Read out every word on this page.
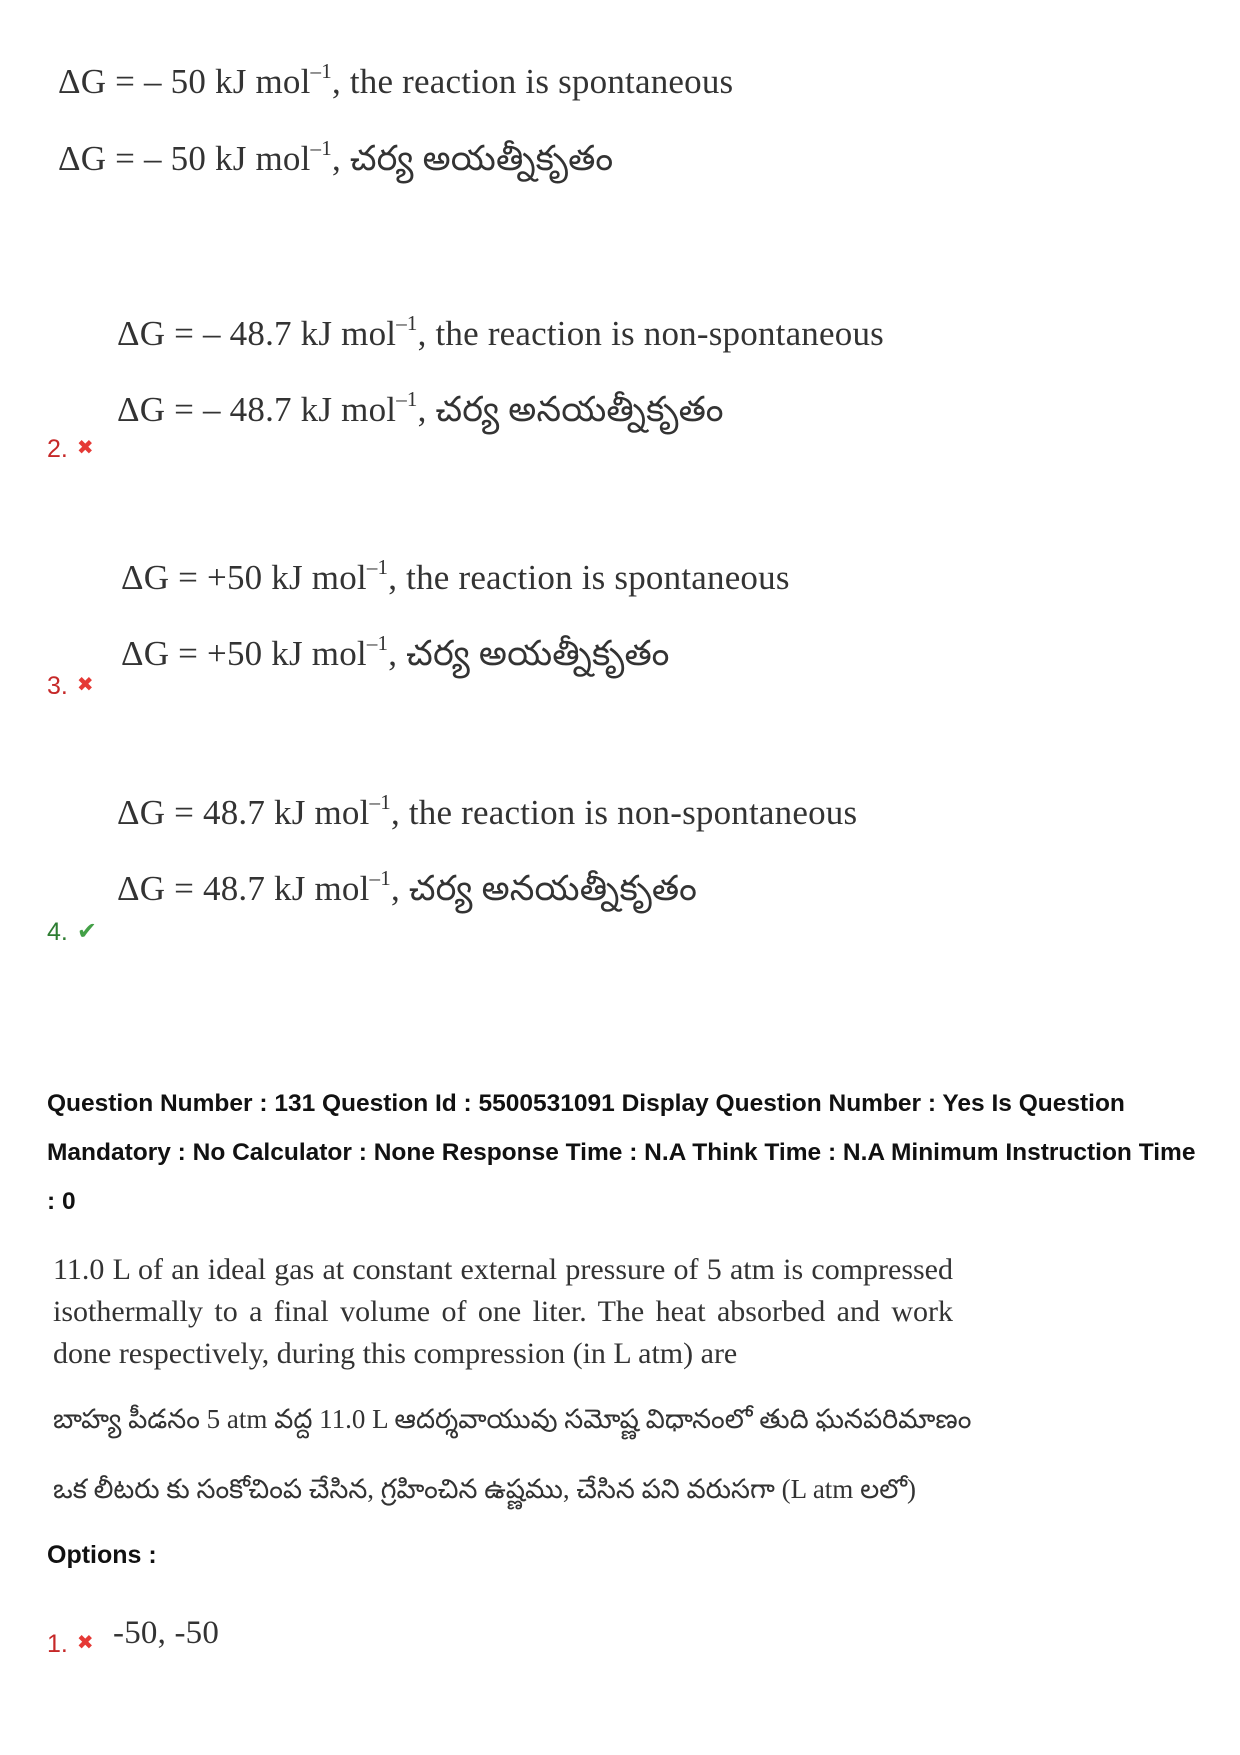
ΔG = – 50 kJ mol$^{-1}$, the reaction is spontaneous
ΔG = – 50 kJ mol$^{-1}$, చర్య అయత్నీకృతం
ΔG = – 48.7 kJ mol$^{-1}$, the reaction is non-spontaneous
ΔG = – 48.7 kJ mol$^{-1}$, చర్య అనయత్నీకృతం
2. ✖
ΔG = +50 kJ mol$^{-1}$, the reaction is spontaneous
ΔG = +50 kJ mol$^{-1}$, చర్య అయత్నీకృతం
3. ✖
ΔG = 48.7 kJ mol$^{-1}$, the reaction is non-spontaneous
ΔG = 48.7 kJ mol$^{-1}$, చర్య అనయత్నీకృతం
4. ✔
Question Number : 131 Question Id : 5500531091 Display Question Number : Yes Is Question Mandatory : No Calculator : None Response Time : N.A Think Time : N.A Minimum Instruction Time : 0
11.0 L of an ideal gas at constant external pressure of 5 atm is compressed isothermally to a final volume of one liter. The heat absorbed and work done respectively, during this compression (in L atm) are
బాహ్య పీడనం 5 atm వద్ద 11.0 L ఆదర్శవాయువు సమోష్ణ విధానంలో తుది ఘనపరిమాణం
ఒక లీటరు కు సంకోచింప చేసిన, గ్రహించిన ఉష్ణము, చేసిన పని వరుసగా (L atm లలో)
Options :
1. ✖ -50, -50
